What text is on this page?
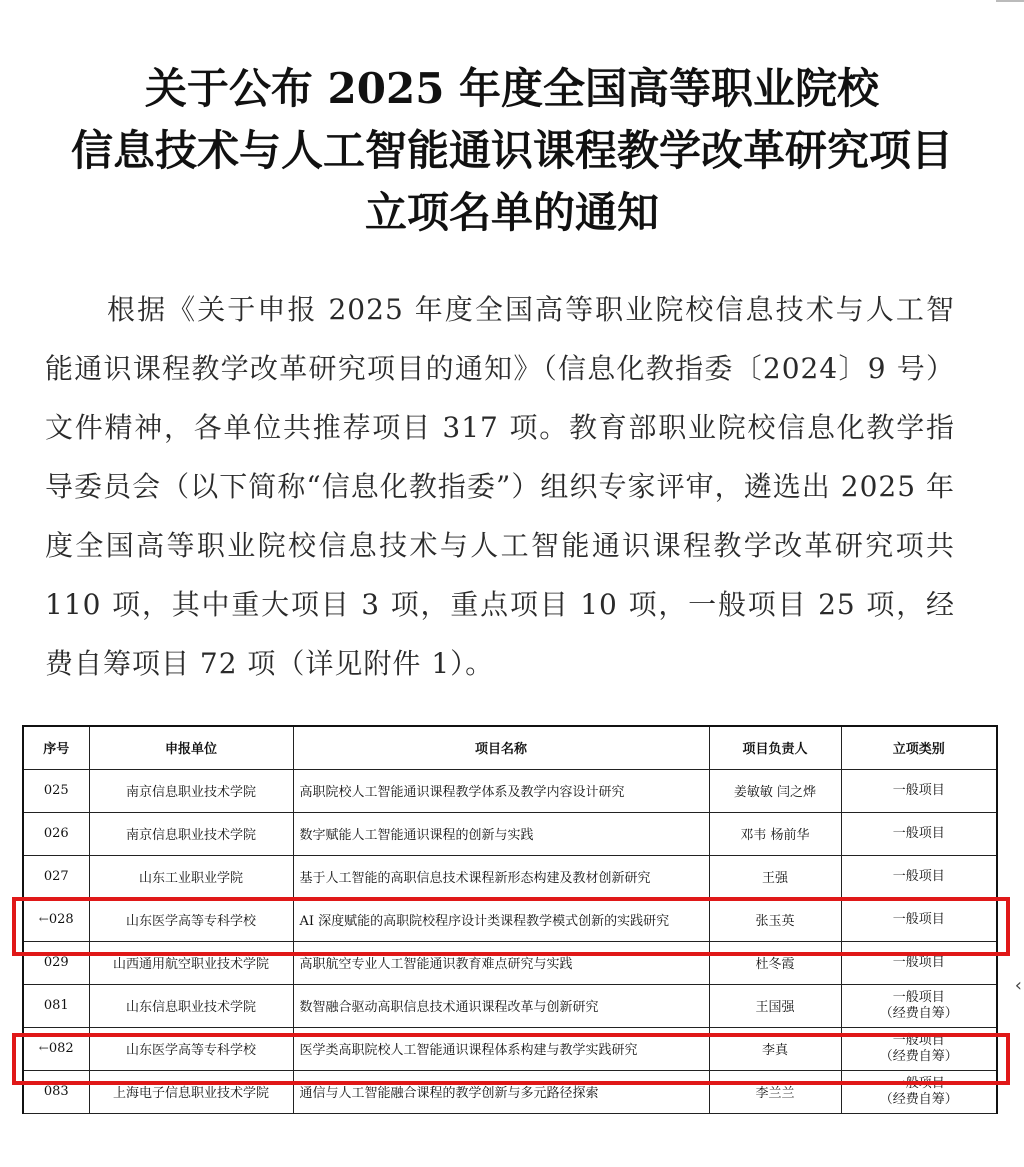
关于公布 2025 年度全国高等职业院校
信息技术与人工智能通识课程教学改革研究项目
立项名单的通知

根据《关于申报 2025 年度全国高等职业院校信息技术与人工智能通识课程教学改革研究项目的通知》（信息化教指委〔2024〕9 号）文件精神，各单位共推荐项目 317 项。教育部职业院校信息化教学指导委员会（以下简称“信息化教指委”）组织专家评审，遴选出 2025 年度全国高等职业院校信息技术与人工智能通识课程教学改革研究项共 110 项，其中重大项目 3 项，重点项目 10 项，一般项目 25 项，经费自筹项目 72 项（详见附件 1）。

序号	申报单位	项目名称	项目负责人	立项类别
025	南京信息职业技术学院	高职院校人工智能通识课程教学体系及教学内容设计研究	姜敏敏 闫之烨	一般项目

026	南京信息职业技术学院	数字赋能人工智能通识课程的创新与实践	邓韦 杨前华	一般项目

027	山东工业职业学院	基于人工智能的高职信息技术课程新形态构建及教材创新研究	王强	一般项目

←028	山东医学高等专科学校	AI 深度赋能的高职院校程序设计类课程教学模式创新的实践研究	张玉英	一般项目

029	山西通用航空职业技术学院	高职航空专业人工智能通识教育难点研究与实践	杜冬霞	一般项目

081	山东信息职业技术学院	数智融合驱动高职信息技术通识课程改革与创新研究	王国强	一般项目
（经费自筹）

←082	山东医学高等专科学校	医学类高职院校人工智能通识课程体系构建与教学实践研究	李真	一般项目
（经费自筹）

083	上海电子信息职业技术学院	通信与人工智能融合课程的教学创新与多元路径探索	李兰兰	一般项目
（经费自筹）
‹
